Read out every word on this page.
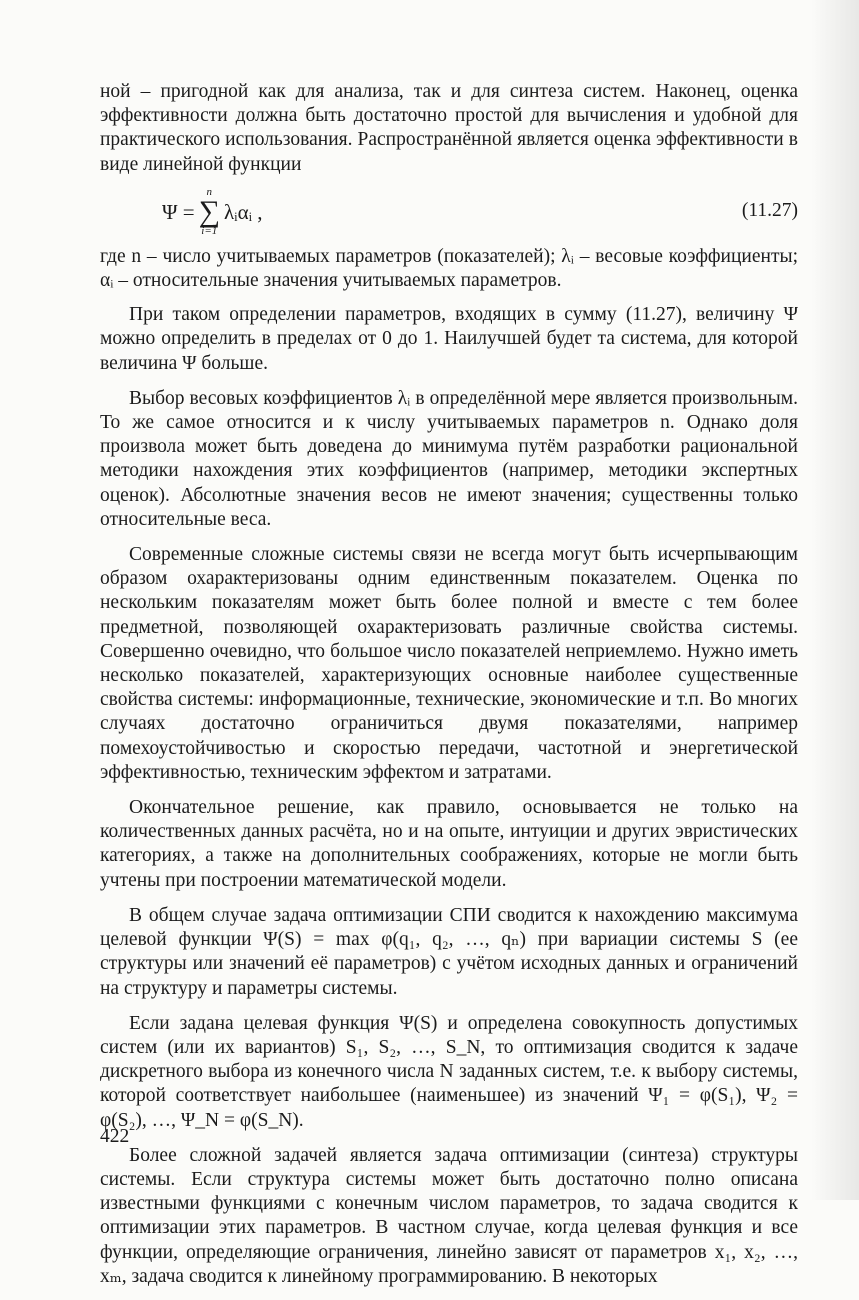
ной – пригодной как для анализа, так и для синтеза систем. Наконец, оценка эффективности должна быть достаточно простой для вычисления и удобной для практического использования. Распространённой является оценка эффективности в виде линейной функции

Ψ =
n
∑
i=1
λᵢαᵢ ,	(11.27)

где n – число учитываемых параметров (показателей); λᵢ – весовые коэффициенты; αᵢ – относительные значения учитываемых параметров.

При таком определении параметров, входящих в сумму (11.27), величину Ψ можно определить в пределах от 0 до 1. Наилучшей будет та система, для которой величина Ψ больше.

Выбор весовых коэффициентов λᵢ в определённой мере является произвольным. То же самое относится и к числу учитываемых параметров n. Однако доля произвола может быть доведена до минимума путём разработки рациональной методики нахождения этих коэффициентов (например, методики экспертных оценок). Абсолютные значения весов не имеют значения; существенны только относительные веса.

Современные сложные системы связи не всегда могут быть исчерпывающим образом охарактеризованы одним единственным показателем. Оценка по нескольким показателям может быть более полной и вместе с тем более предметной, позволяющей охарактеризовать различные свойства системы. Совершенно очевидно, что большое число показателей неприемлемо. Нужно иметь несколько показателей, характеризующих основные наиболее существенные свойства системы: информационные, технические, экономические и т.п. Во многих случаях достаточно ограничиться двумя показателями, например помехоустойчивостью и скоростью передачи, частотной и энергетической эффективностью, техническим эффектом и затратами.

Окончательное решение, как правило, основывается не только на количественных данных расчёта, но и на опыте, интуиции и других эвристических категориях, а также на дополнительных соображениях, которые не могли быть учтены при построении математической модели.

В общем случае задача оптимизации СПИ сводится к нахождению максимума целевой функции Ψ(S) = max φ(q₁, q₂, …, qₙ) при вариации системы S (ее структуры или значений её параметров) с учётом исходных данных и ограничений на структуру и параметры системы.

Если задана целевая функция Ψ(S) и определена совокупность допустимых систем (или их вариантов) S₁, S₂, …, S_N, то оптимизация сводится к задаче дискретного выбора из конечного числа N заданных систем, т.е. к выбору системы, которой соответствует наибольшее (наименьшее) из значений Ψ₁ = φ(S₁), Ψ₂ = φ(S₂), …, Ψ_N = φ(S_N).

Более сложной задачей является задача оптимизации (синтеза) структуры системы. Если структура системы может быть достаточно полно описана известными функциями с конечным числом параметров, то задача сводится к оптимизации этих параметров. В частном случае, когда целевая функция и все функции, определяющие ограничения, линейно зависят от параметров x₁, x₂, …, xₘ, задача сводится к линейному программированию. В некоторых

422
